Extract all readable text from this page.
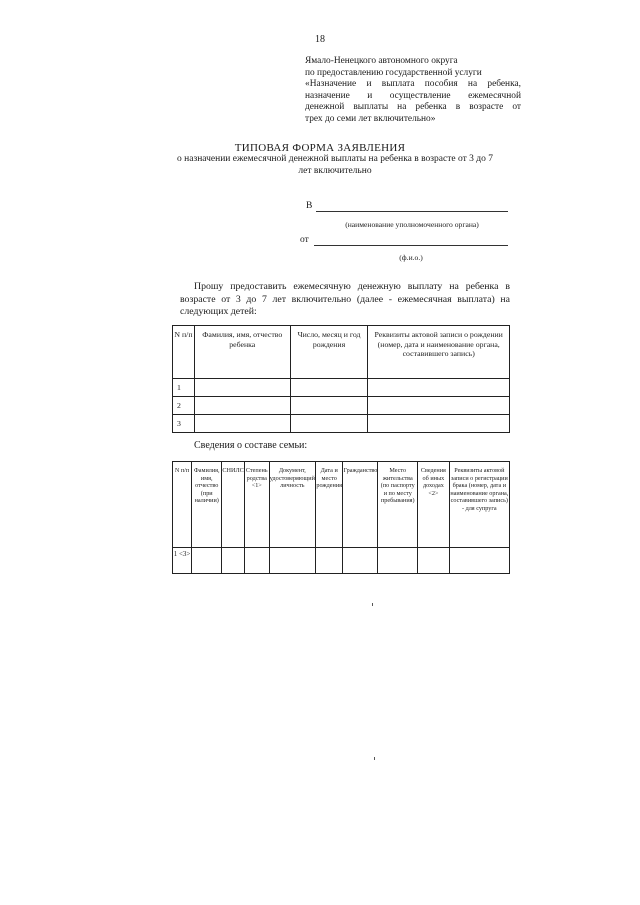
18
Ямало-Ненецкого автономного округа
по предоставлению государственной услуги
«Назначение и выплата пособия на ребенка,
назначение и осуществление ежемесячной
денежной выплаты на ребенка в возрасте от
трех до семи лет включительно»
ТИПОВАЯ ФОРМА ЗАЯВЛЕНИЯ
о назначении ежемесячной денежной выплаты на ребенка в возрасте от 3 до 7
лет включительно
В
(наименование уполномоченного органа)
от
(ф.и.о.)
Прошу предоставить ежемесячную денежную выплату на ребенка в
возрасте от 3 до 7 лет включительно (далее - ежемесячная выплата) на
следующих детей:
N п/п	Фамилия, имя, отчество ребенка	Число, месяц и год рождения	Реквизиты актовой записи о рождении (номер, дата и наименование органа, составившего запись)
1			
2			
3			
Сведения о составе семьи:
N п/п	Фамилия, имя, отчество (при наличии)	СНИЛС	Степень родства <1>	Документ, удостоверяющий личность	Дата и место рождения	Гражданство	Место жительства (по паспорту и по месту пребывания)	Сведения об иных доходах <2>	Реквизиты актовой записи о регистрации брака (номер, дата и наименование органа, составившего запись) - для супруга
1 <3>									
